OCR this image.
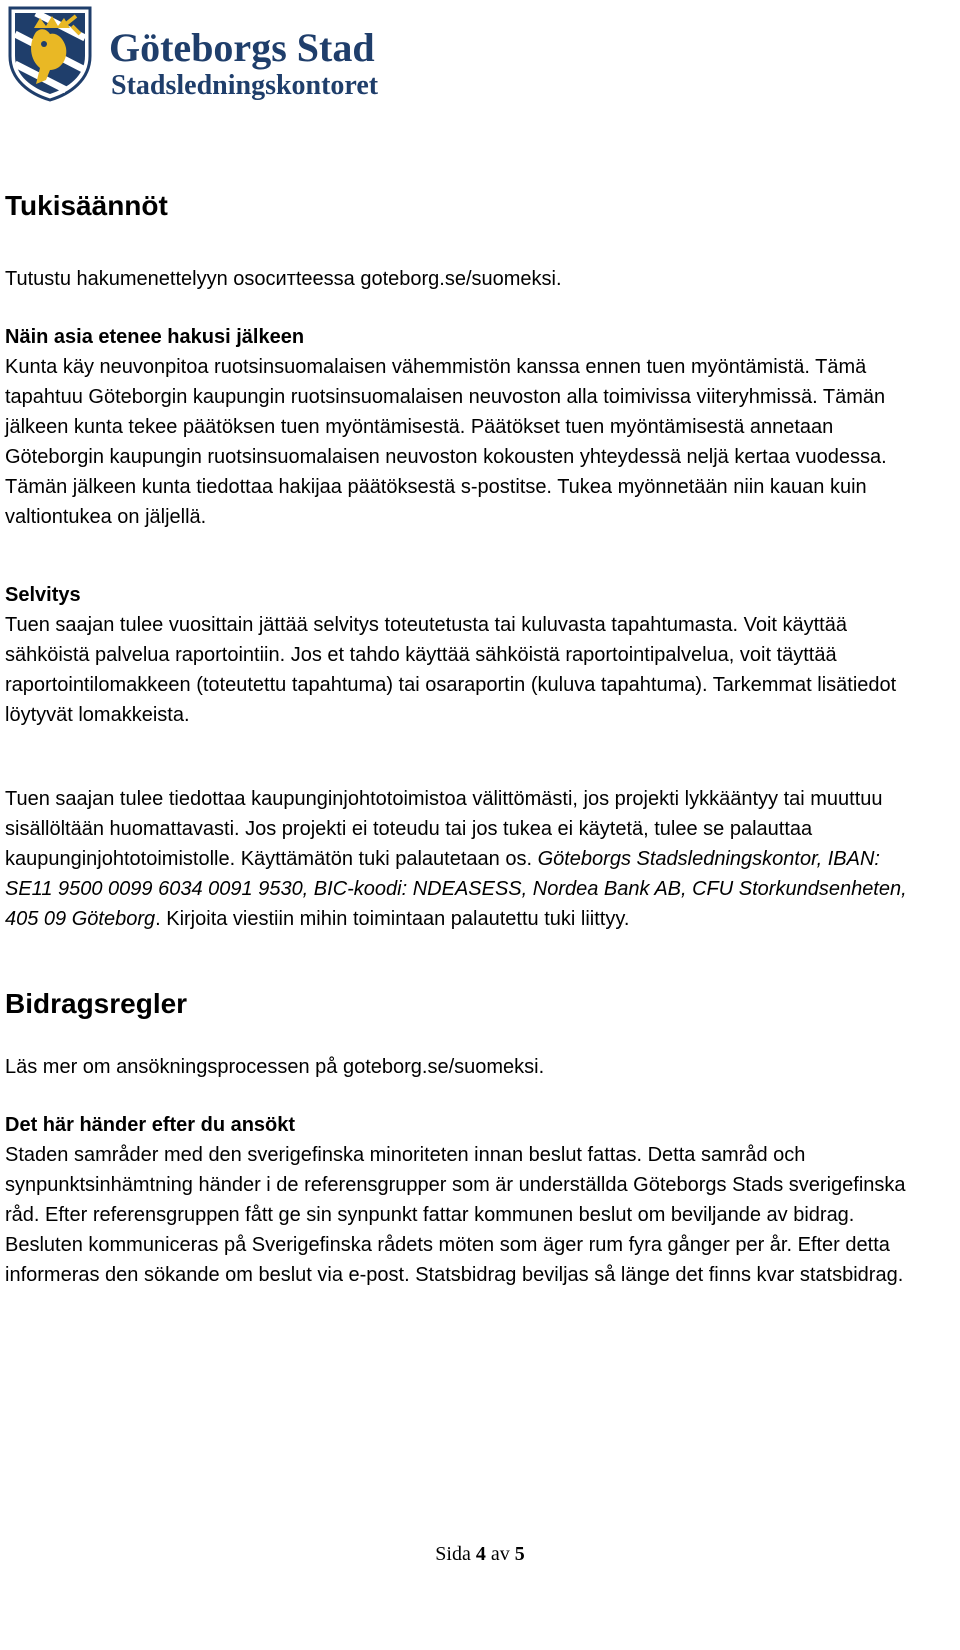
Göteborgs Stad
Stadsledningskontoret
Tukisäännöt

Tutustu hakumenettelyyn osoситteessa goteborg.se/suomeksi.

Näin asia etenee hakusi jälkeen

Kunta käy neuvonpitoa ruotsinsuomalaisen vähemmistön kanssa ennen tuen myöntämistä. Tämä tapahtuu Göteborgin kaupungin ruotsinsuomalaisen neuvoston alla toimivissa viiteryhmissä. Tämän jälkeen kunta tekee päätöksen tuen myöntämisestä. Päätökset tuen myöntämisestä annetaan Göteborgin kaupungin ruotsinsuomalaisen neuvoston kokousten yhteydessä neljä kertaa vuodessa. Tämän jälkeen kunta tiedottaa hakijaa päätöksestä s-postitse. Tukea myönnetään niin kauan kuin valtiontukea on jäljellä.

Selvitys

Tuen saajan tulee vuosittain jättää selvitys toteutetusta tai kuluvasta tapahtumasta. Voit käyttää sähköistä palvelua raportointiin. Jos et tahdo käyttää sähköistä raportointipalvelua, voit täyttää raportointilomakkeen (toteutettu tapahtuma) tai osaraportin (kuluva tapahtuma). Tarkemmat lisätiedot löytyvät lomakkeista.

Tuen saajan tulee tiedottaa kaupunginjohtotoimistoa välittömästi, jos projekti lykkääntyy tai muuttuu sisällöltään huomattavasti. Jos projekti ei toteudu tai jos tukea ei käytetä, tulee se palauttaa kaupunginjohtotoimistolle. Käyttämätön tuki palautetaan os. Göteborgs Stadsledningskontor, IBAN: SE11 9500 0099 6034 0091 9530, BIC-koodi: NDEASESS, Nordea Bank AB, CFU Storkundsenheten, 405 09 Göteborg. Kirjoita viestiin mihin toimintaan palautettu tuki liittyy.

Bidragsregler

Läs mer om ansökningsprocessen på goteborg.se/suomeksi.

Det här händer efter du ansökt

Staden samråder med den sverigefinska minoriteten innan beslut fattas. Detta samråd och synpunktsinhämtning händer i de referensgrupper som är underställda Göteborgs Stads sverigefinska råd. Efter referensgruppen fått ge sin synpunkt fattar kommunen beslut om beviljande av bidrag. Besluten kommuniceras på Sverigefinska rådets möten som äger rum fyra gånger per år. Efter detta informeras den sökande om beslut via e-post. Statsbidrag beviljas så länge det finns kvar statsbidrag.

Sida 4 av 5
